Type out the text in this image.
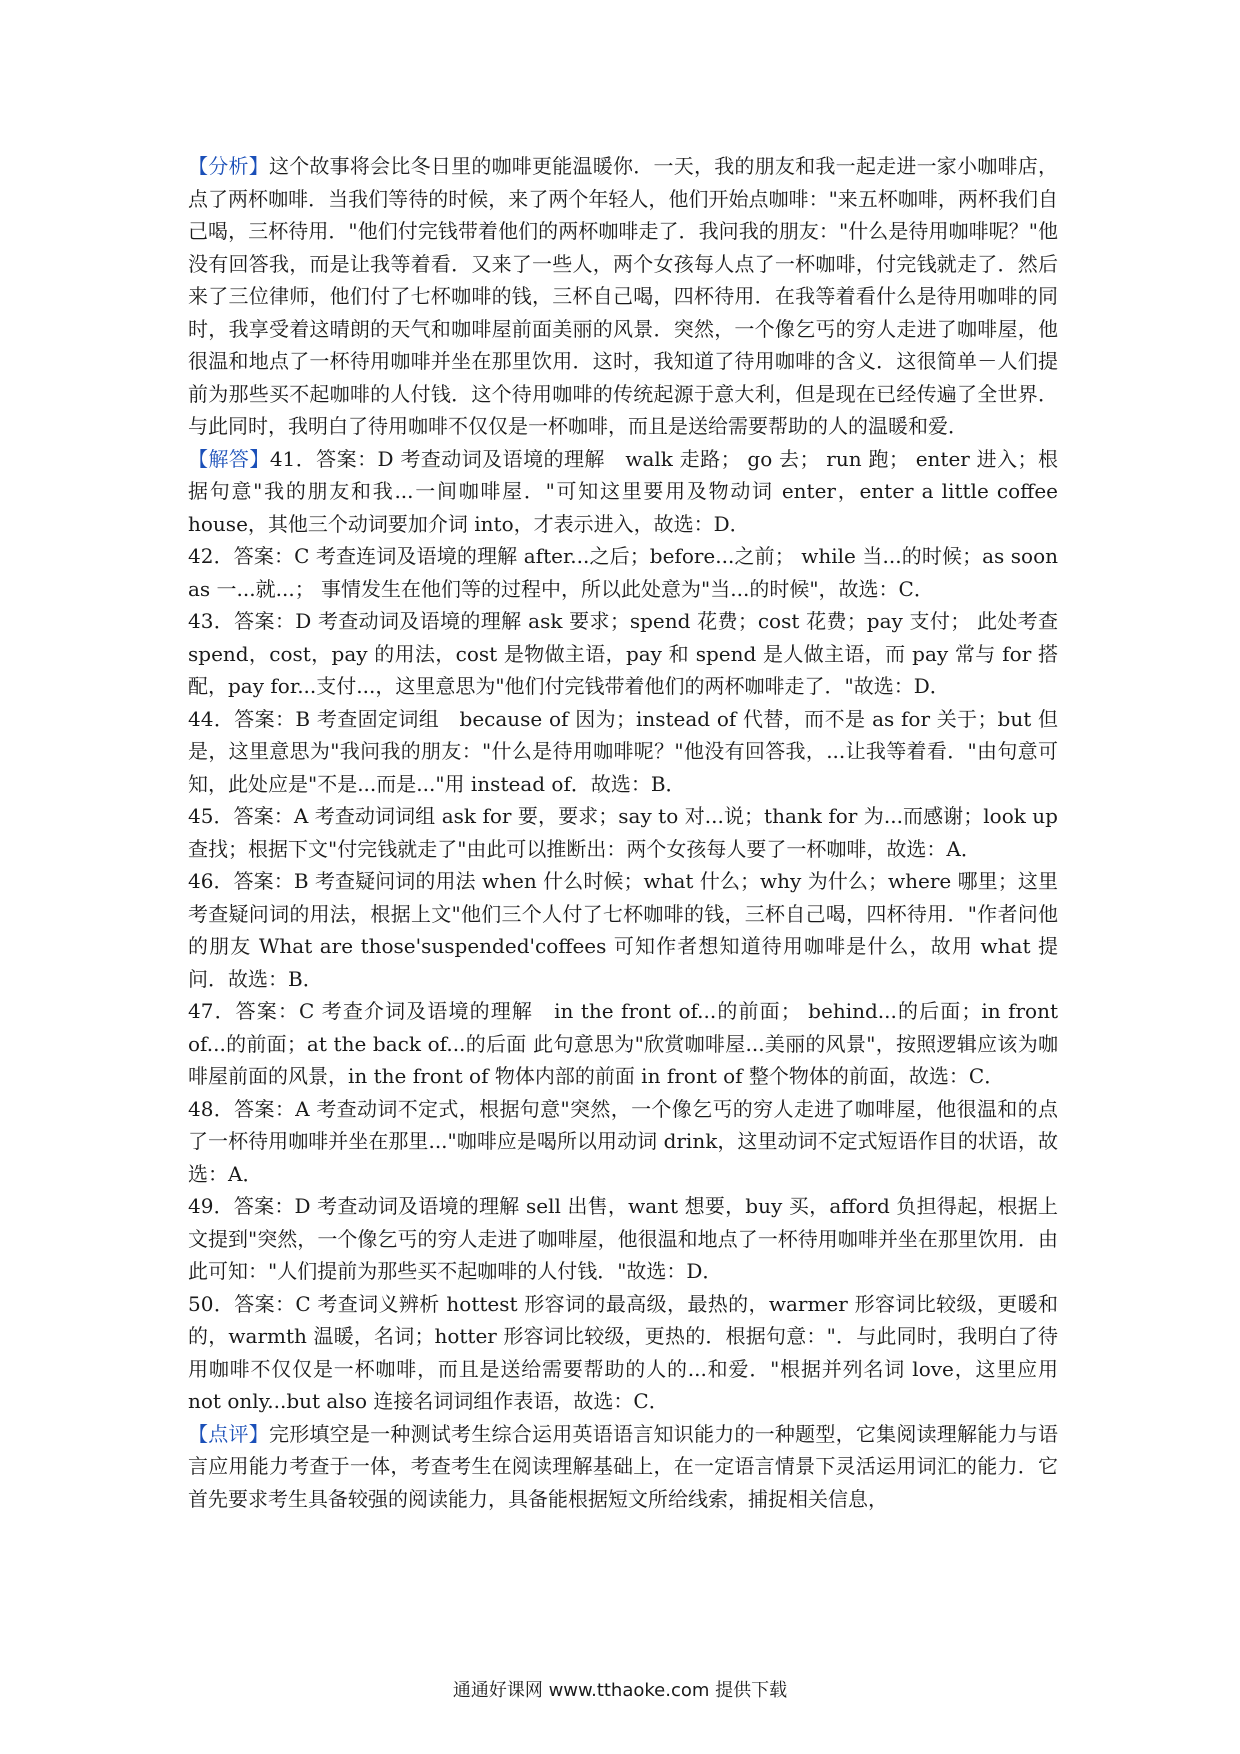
【分析】这个故事将会比冬日里的咖啡更能温暖你．一天，我的朋友和我一起走进一家小咖啡店，点了两杯咖啡．当我们等待的时候，来了两个年轻人，他们开始点咖啡："来五杯咖啡，两杯我们自己喝，三杯待用．"他们付完钱带着他们的两杯咖啡走了．我问我的朋友："什么是待用咖啡呢？"他没有回答我，而是让我等着看．又来了一些人，两个女孩每人点了一杯咖啡，付完钱就走了．然后来了三位律师，他们付了七杯咖啡的钱，三杯自己喝，四杯待用．在我等着看什么是待用咖啡的同时，我享受着这晴朗的天气和咖啡屋前面美丽的风景．突然，一个像乞丐的穷人走进了咖啡屋，他很温和地点了一杯待用咖啡并坐在那里饮用．这时，我知道了待用咖啡的含义．这很简单－人们提前为那些买不起咖啡的人付钱．这个待用咖啡的传统起源于意大利，但是现在已经传遍了全世界．与此同时，我明白了待用咖啡不仅仅是一杯咖啡，而且是送给需要帮助的人的温暖和爱．

【解答】41．答案：D 考查动词及语境的理解　walk 走路； go 去； run 跑； enter 进入；根据句意"我的朋友和我...一间咖啡屋．"可知这里要用及物动词 enter，enter a little coffee house，其他三个动词要加介词 into，才表示进入，故选：D．

42．答案：C 考查连词及语境的理解 after...之后；before...之前； while 当...的时候；as soon as 一...就...； 事情发生在他们等的过程中，所以此处意为"当...的时候"，故选：C．

43．答案：D 考查动词及语境的理解 ask 要求；spend 花费；cost 花费；pay 支付； 此处考查 spend，cost，pay 的用法，cost 是物做主语，pay 和 spend 是人做主语，而 pay 常与 for 搭配，pay for...支付...，这里意思为"他们付完钱带着他们的两杯咖啡走了．"故选：D．

44．答案：B 考查固定词组　because of 因为；instead of 代替，而不是 as for 关于；but 但是，这里意思为"我问我的朋友："什么是待用咖啡呢？"他没有回答我，...让我等着看．"由句意可知，此处应是"不是...而是..."用 instead of．故选：B．

45．答案：A 考查动词词组 ask for 要，要求；say to 对...说；thank for 为...而感谢；look up 查找；根据下文"付完钱就走了"由此可以推断出：两个女孩每人要了一杯咖啡，故选：A．

46．答案：B 考查疑问词的用法 when 什么时候；what 什么；why 为什么；where 哪里；这里考查疑问词的用法，根据上文"他们三个人付了七杯咖啡的钱，三杯自己喝，四杯待用．"作者问他的朋友 What are those'suspended'coffees 可知作者想知道待用咖啡是什么，故用 what 提问．故选：B．

47．答案：C 考查介词及语境的理解　in the front of...的前面； behind...的后面；in front of...的前面；at the back of...的后面 此句意思为"欣赏咖啡屋...美丽的风景"，按照逻辑应该为咖啡屋前面的风景，in the front of 物体内部的前面 in front of 整个物体的前面，故选：C．

48．答案：A 考查动词不定式，根据句意"突然，一个像乞丐的穷人走进了咖啡屋，他很温和的点了一杯待用咖啡并坐在那里..."咖啡应是喝所以用动词 drink，这里动词不定式短语作目的状语，故选：A．

49．答案：D 考查动词及语境的理解 sell 出售，want 想要，buy 买，afford 负担得起，根据上文提到"突然，一个像乞丐的穷人走进了咖啡屋，他很温和地点了一杯待用咖啡并坐在那里饮用．由此可知："人们提前为那些买不起咖啡的人付钱．"故选：D．

50．答案：C 考查词义辨析 hottest 形容词的最高级，最热的，warmer 形容词比较级，更暖和的，warmth 温暖，名词；hotter 形容词比较级，更热的．根据句意："．与此同时，我明白了待用咖啡不仅仅是一杯咖啡，而且是送给需要帮助的人的...和爱．"根据并列名词 love，这里应用 not only...but also 连接名词词组作表语，故选：C．

【点评】完形填空是一种测试考生综合运用英语语言知识能力的一种题型，它集阅读理解能力与语言应用能力考查于一体，考查考生在阅读理解基础上，在一定语言情景下灵活运用词汇的能力．它首先要求考生具备较强的阅读能力，具备能根据短文所给线索，捕捉相关信息，

通通好课网 www.tthaoke.com 提供下载
